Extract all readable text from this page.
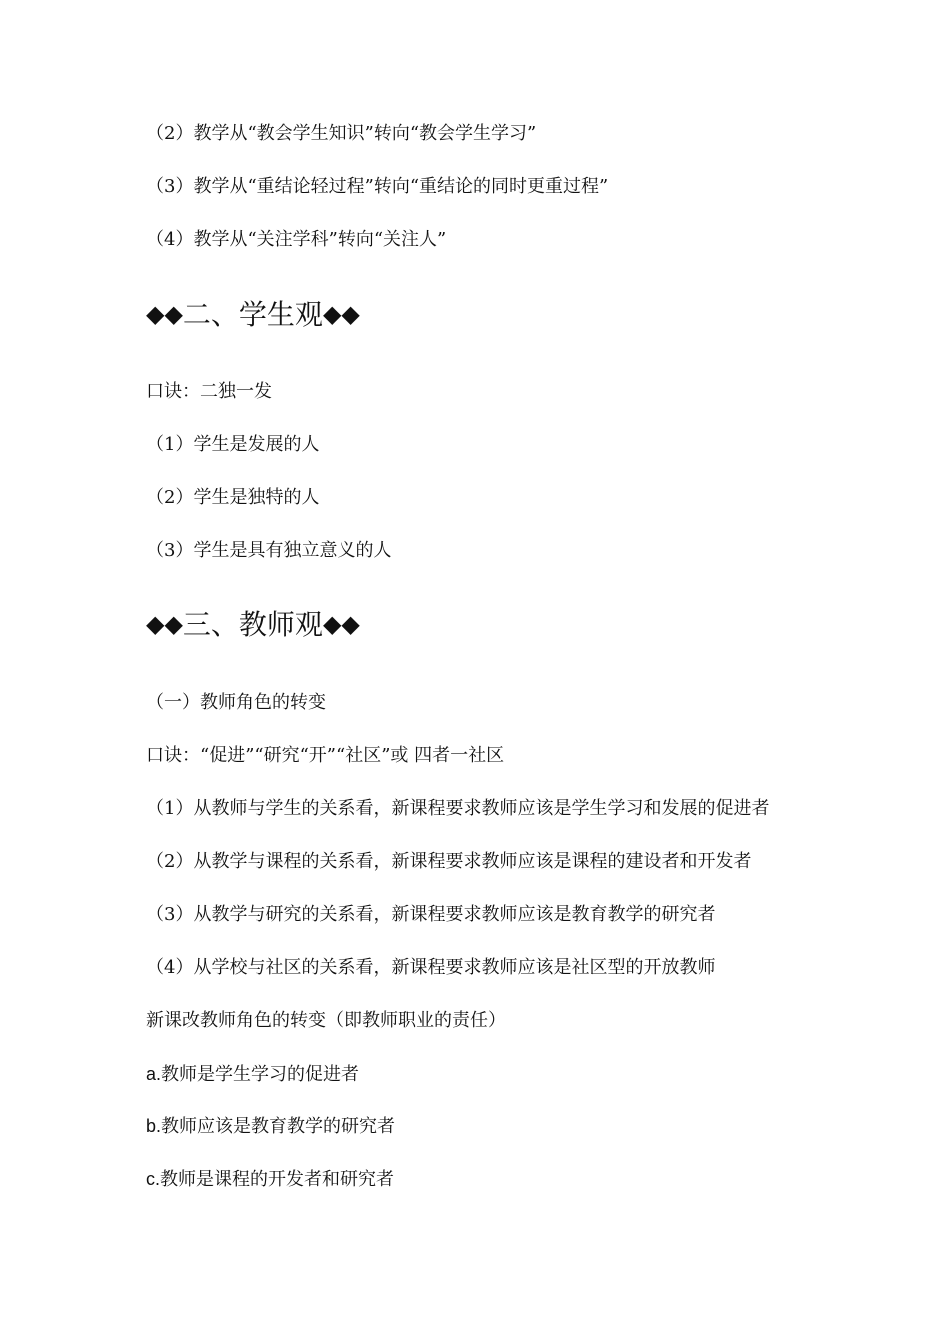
（2）教学从“教会学生知识”转向“教会学生学习”
（3）教学从“重结论轻过程”转向“重结论的同时更重过程”
（4）教学从“关注学科”转向“关注人”
◆◆二、学生观◆◆
口诀：二独一发
（1）学生是发展的人
（2）学生是独特的人
（3）学生是具有独立意义的人
◆◆三、教师观◆◆
（一）教师角色的转变
口诀：“促进”“研究“开”“社区”或 四者一社区
（1）从教师与学生的关系看，新课程要求教师应该是学生学习和发展的促进者
（2）从教学与课程的关系看，新课程要求教师应该是课程的建设者和开发者
（3）从教学与研究的关系看，新课程要求教师应该是教育教学的研究者
（4）从学校与社区的关系看，新课程要求教师应该是社区型的开放教师
新课改教师角色的转变（即教师职业的责任）
a.教师是学生学习的促进者
b.教师应该是教育教学的研究者
c.教师是课程的开发者和研究者
